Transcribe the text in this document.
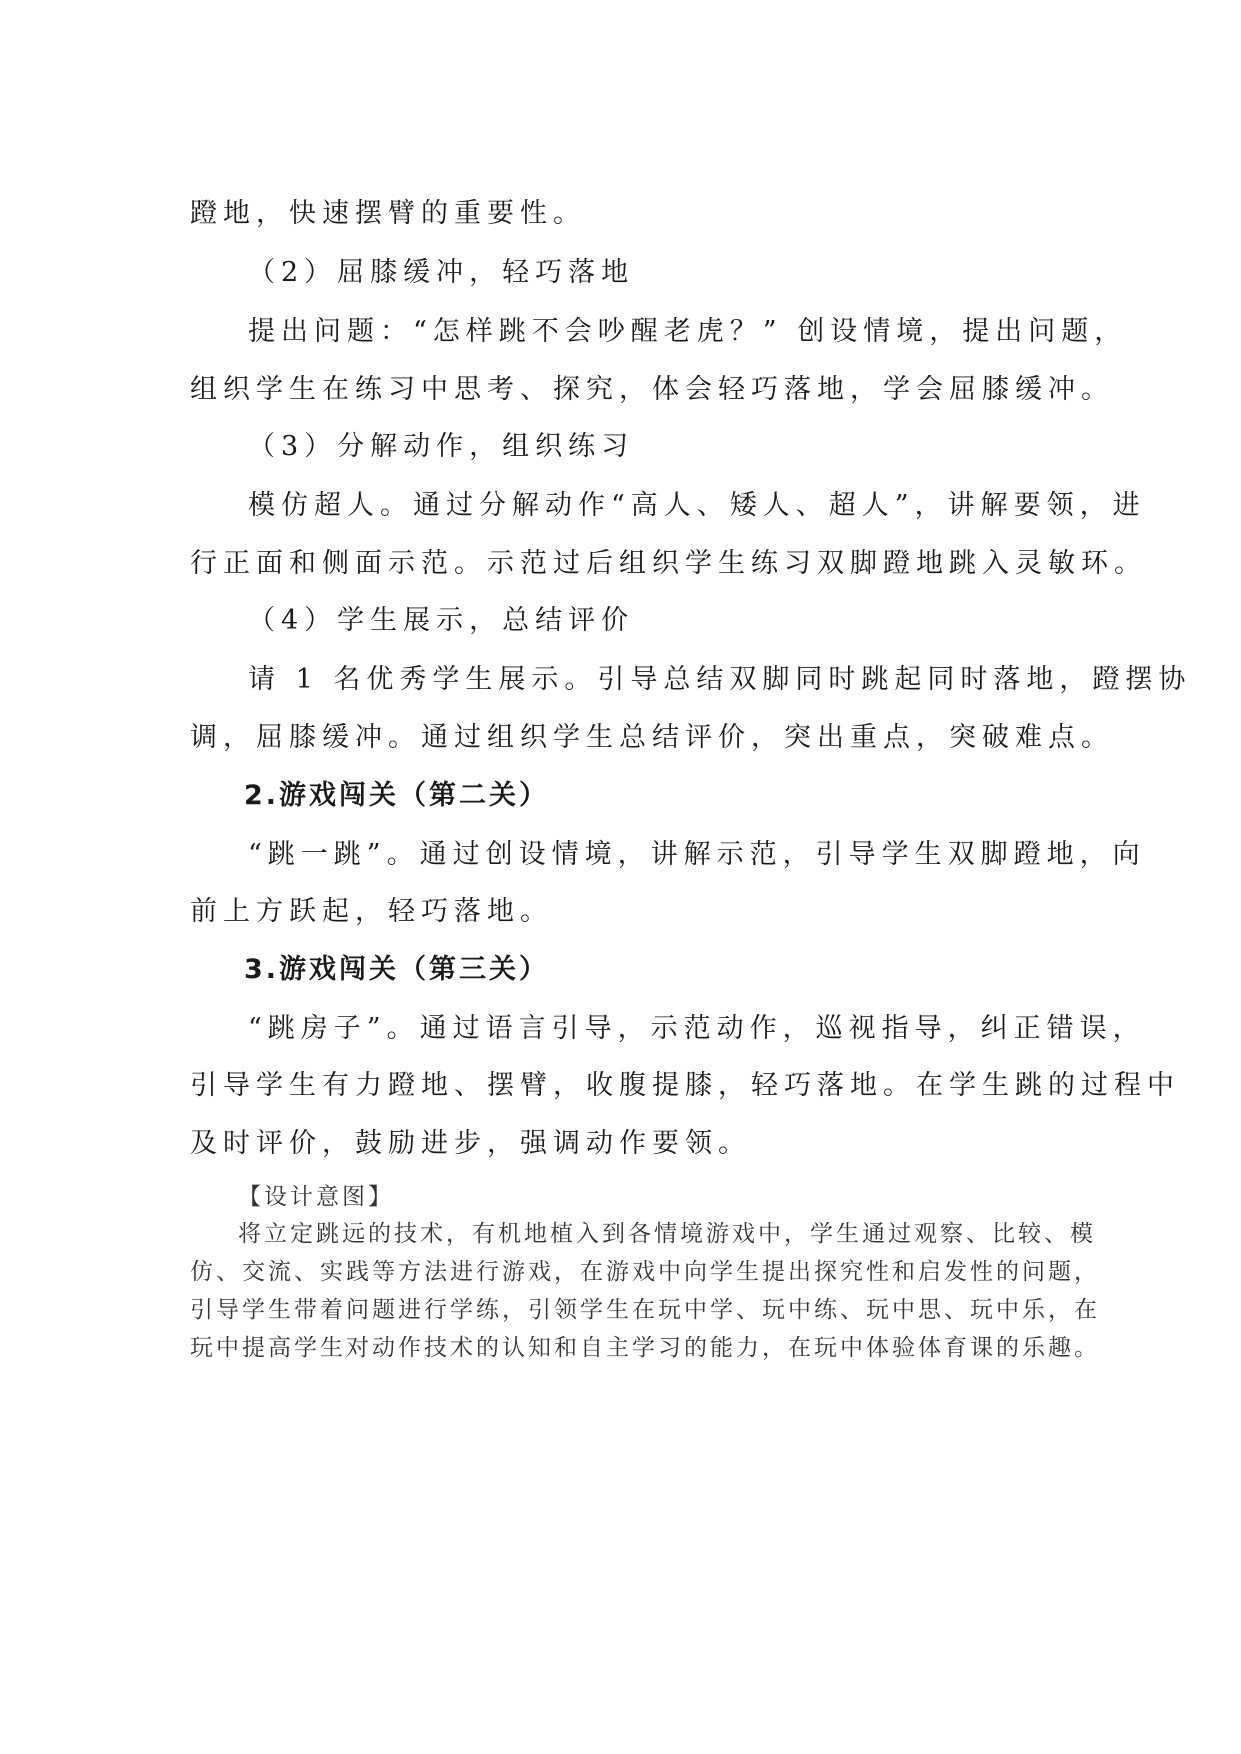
蹬地，快速摆臂的重要性。
（2）屈膝缓冲，轻巧落地
提出问题：“怎样跳不会吵醒老虎？” 创设情境，提出问题，
组织学生在练习中思考、探究，体会轻巧落地，学会屈膝缓冲。
（3）分解动作，组织练习
模仿超人。通过分解动作“高人、矮人、超人”，讲解要领，进
行正面和侧面示范。示范过后组织学生练习双脚蹬地跳入灵敏环。
（4）学生展示，总结评价
请 1 名优秀学生展示。引导总结双脚同时跳起同时落地，蹬摆协
调，屈膝缓冲。通过组织学生总结评价，突出重点，突破难点。
2.游戏闯关（第二关）
“跳一跳”。通过创设情境，讲解示范，引导学生双脚蹬地，向
前上方跃起，轻巧落地。
3.游戏闯关（第三关）
“跳房子”。通过语言引导，示范动作，巡视指导，纠正错误，
引导学生有力蹬地、摆臂，收腹提膝，轻巧落地。在学生跳的过程中
及时评价，鼓励进步，强调动作要领。
【设计意图】
将立定跳远的技术，有机地植入到各情境游戏中，学生通过观察、比较、模
仿、交流、实践等方法进行游戏，在游戏中向学生提出探究性和启发性的问题，
引导学生带着问题进行学练，引领学生在玩中学、玩中练、玩中思、玩中乐，在
玩中提高学生对动作技术的认知和自主学习的能力，在玩中体验体育课的乐趣。
